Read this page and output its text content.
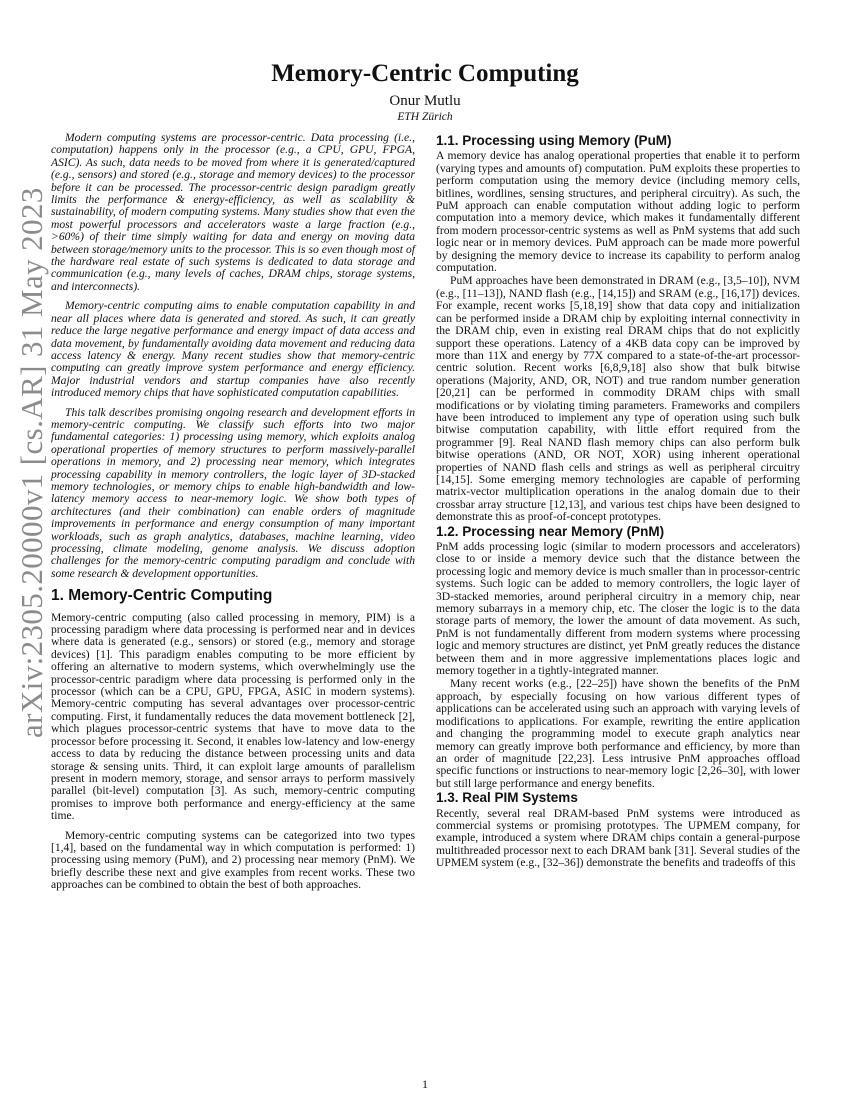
arXiv:2305.20000v1 [cs.AR] 31 May 2023
Memory-Centric Computing
Onur Mutlu
ETH Zürich

Modern computing systems are processor-centric. Data processing (i.e., computation) happens only in the processor (e.g., a CPU, GPU, FPGA, ASIC). As such, data needs to be moved from where it is generated/captured (e.g., sensors) and stored (e.g., storage and memory devices) to the processor before it can be processed. The processor-centric design paradigm greatly limits the performance & energy-efficiency, as well as scalability & sustainability, of modern computing systems. Many studies show that even the most powerful processors and accelerators waste a large fraction (e.g., >60%) of their time simply waiting for data and energy on moving data between storage/memory units to the processor. This is so even though most of the hardware real estate of such systems is dedicated to data storage and communication (e.g., many levels of caches, DRAM chips, storage systems, and interconnects).

Memory-centric computing aims to enable computation capability in and near all places where data is generated and stored. As such, it can greatly reduce the large negative performance and energy impact of data access and data movement, by fundamentally avoiding data movement and reducing data access latency & energy. Many recent studies show that memory-centric computing can greatly improve system performance and energy efficiency. Major industrial vendors and startup companies have also recently introduced memory chips that have sophisticated computation capabilities.

This talk describes promising ongoing research and development efforts in memory-centric computing. We classify such efforts into two major fundamental categories: 1) processing using memory, which exploits analog operational properties of memory structures to perform massively-parallel operations in memory, and 2) processing near memory, which integrates processing capability in memory controllers, the logic layer of 3D-stacked memory technologies, or memory chips to enable high-bandwidth and low-latency memory access to near-memory logic. We show both types of architectures (and their combination) can enable orders of magnitude improvements in performance and energy consumption of many important workloads, such as graph analytics, databases, machine learning, video processing, climate modeling, genome analysis. We discuss adoption challenges for the memory-centric computing paradigm and conclude with some research & development opportunities.

1. Memory-Centric Computing

Memory-centric computing (also called processing in memory, PIM) is a processing paradigm where data processing is performed near and in devices where data is generated (e.g., sensors) or stored (e.g., memory and storage devices) [1]. This paradigm enables computing to be more efficient by offering an alternative to modern systems, which overwhelmingly use the processor-centric paradigm where data processing is performed only in the processor (which can be a CPU, GPU, FPGA, ASIC in modern systems). Memory-centric computing has several advantages over processor-centric computing. First, it fundamentally reduces the data movement bottleneck [2], which plagues processor-centric systems that have to move data to the processor before processing it. Second, it enables low-latency and low-energy access to data by reducing the distance between processing units and data storage & sensing units. Third, it can exploit large amounts of parallelism present in modern memory, storage, and sensor arrays to perform massively parallel (bit-level) computation [3]. As such, memory-centric computing promises to improve both performance and energy-efficiency at the same time.

Memory-centric computing systems can be categorized into two types [1,4], based on the fundamental way in which computation is performed: 1) processing using memory (PuM), and 2) processing near memory (PnM). We briefly describe these next and give examples from recent works. These two approaches can be combined to obtain the best of both approaches.

1.1. Processing using Memory (PuM)

A memory device has analog operational properties that enable it to perform (varying types and amounts of) computation. PuM exploits these properties to perform computation using the memory device (including memory cells, bitlines, wordlines, sensing structures, and peripheral circuitry). As such, the PuM approach can enable computation without adding logic to perform computation into a memory device, which makes it fundamentally different from modern processor-centric systems as well as PnM systems that add such logic near or in memory devices. PuM approach can be made more powerful by designing the memory device to increase its capability to perform analog computation.

PuM approaches have been demonstrated in DRAM (e.g., [3,5–10]), NVM (e.g., [11–13]), NAND flash (e.g., [14,15]) and SRAM (e.g., [16,17]) devices. For example, recent works [5,18,19] show that data copy and initialization can be performed inside a DRAM chip by exploiting internal connectivity in the DRAM chip, even in existing real DRAM chips that do not explicitly support these operations. Latency of a 4KB data copy can be improved by more than 11X and energy by 77X compared to a state-of-the-art processor-centric solution. Recent works [6,8,9,18] also show that bulk bitwise operations (Majority, AND, OR, NOT) and true random number generation [20,21] can be performed in commodity DRAM chips with small modifications or by violating timing parameters. Frameworks and compilers have been introduced to implement any type of operation using such bulk bitwise computation capability, with little effort required from the programmer [9]. Real NAND flash memory chips can also perform bulk bitwise operations (AND, OR NOT, XOR) using inherent operational properties of NAND flash cells and strings as well as peripheral circuitry [14,15]. Some emerging memory technologies are capable of performing matrix-vector multiplication operations in the analog domain due to their crossbar array structure [12,13], and various test chips have been designed to demonstrate this as proof-of-concept prototypes.

1.2. Processing near Memory (PnM)

PnM adds processing logic (similar to modern processors and accelerators) close to or inside a memory device such that the distance between the processing logic and memory device is much smaller than in processor-centric systems. Such logic can be added to memory controllers, the logic layer of 3D-stacked memories, around peripheral circuitry in a memory chip, near memory subarrays in a memory chip, etc. The closer the logic is to the data storage parts of memory, the lower the amount of data movement. As such, PnM is not fundamentally different from modern systems where processing logic and memory structures are distinct, yet PnM greatly reduces the distance between them and in more aggressive implementations places logic and memory together in a tightly-integrated manner.

Many recent works (e.g., [22–25]) have shown the benefits of the PnM approach, by especially focusing on how various different types of applications can be accelerated using such an approach with varying levels of modifications to applications. For example, rewriting the entire application and changing the programming model to execute graph analytics near memory can greatly improve both performance and efficiency, by more than an order of magnitude [22,23]. Less intrusive PnM approaches offload specific functions or instructions to near-memory logic [2,26–30], with lower but still large performance and energy benefits.

1.3. Real PIM Systems

Recently, several real DRAM-based PnM systems were introduced as commercial systems or promising prototypes. The UPMEM company, for example, introduced a system where DRAM chips contain a general-purpose multithreaded processor next to each DRAM bank [31]. Several studies of the UPMEM system (e.g., [32–36]) demonstrate the benefits and tradeoffs of this

1
